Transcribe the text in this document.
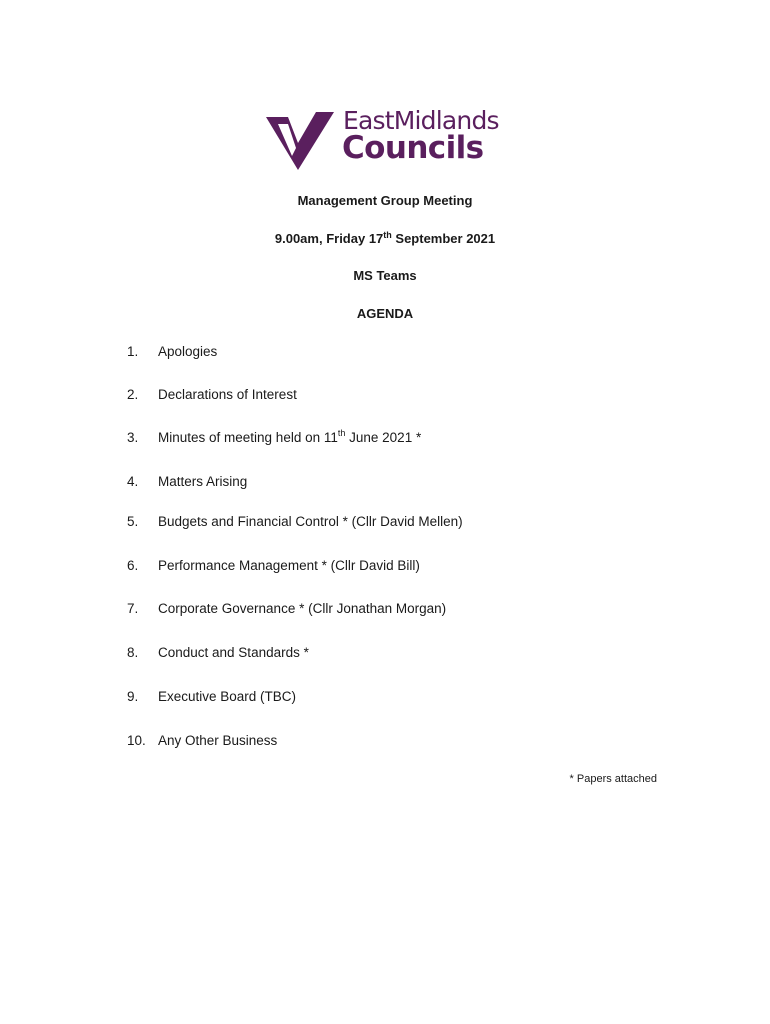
EastMidlands
Councils
Management Group Meeting
9.00am, Friday 17th September 2021
MS Teams
AGENDA
1. Apologies
2. Declarations of Interest
3. Minutes of meeting held on 11th June 2021 *
4. Matters Arising
5. Budgets and Financial Control * (Cllr David Mellen)
6. Performance Management * (Cllr David Bill)
7. Corporate Governance * (Cllr Jonathan Morgan)
8. Conduct and Standards *
9. Executive Board (TBC)
10. Any Other Business
* Papers attached
